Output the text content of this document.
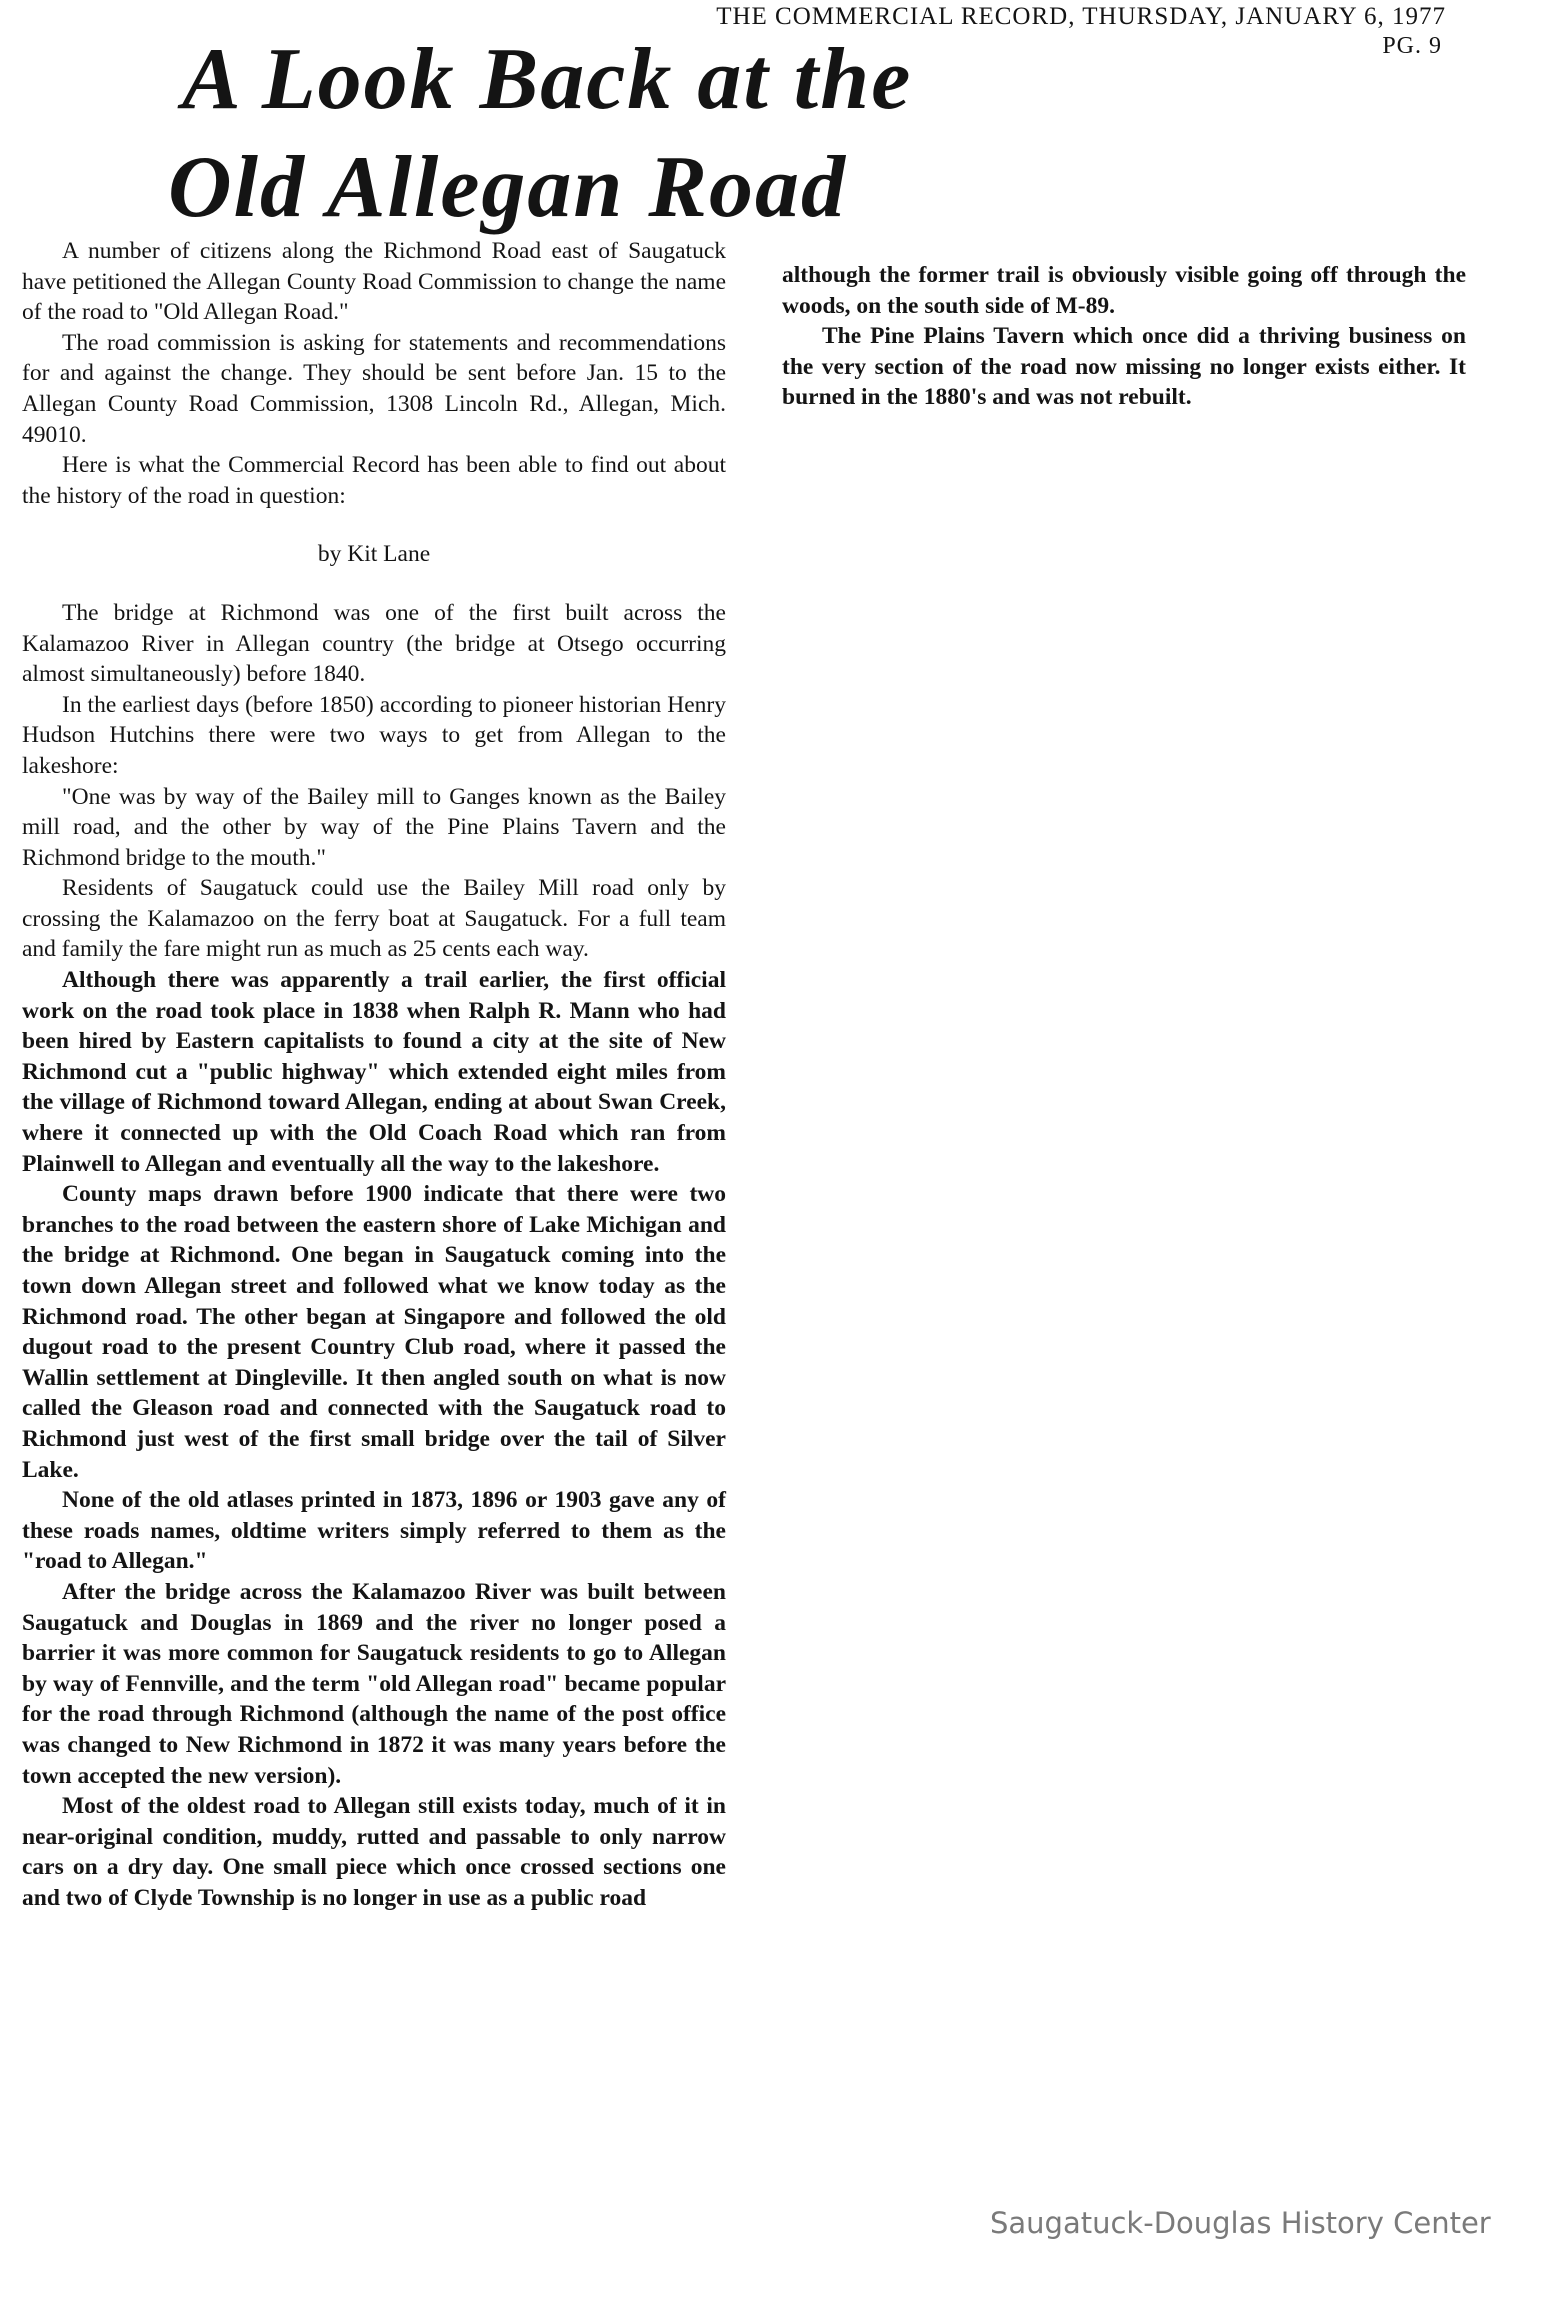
THE COMMERCIAL RECORD, THURSDAY, JANUARY 6, 1977
PG. 9
A Look Back at the
Old Allegan Road

A number of citizens along the Richmond Road east of Saugatuck have petitioned the Allegan County Road Commission to change the name of the road to "Old Allegan Road."

The road commission is asking for statements and recommendations for and against the change. They should be sent before Jan. 15 to the Allegan County Road Commission, 1308 Lincoln Rd., Allegan, Mich. 49010.

Here is what the Commercial Record has been able to find out about the history of the road in question:

by Kit Lane

The bridge at Richmond was one of the first built across the Kalamazoo River in Allegan country (the bridge at Otsego occurring almost simultaneously) before 1840.

In the earliest days (before 1850) according to pioneer historian Henry Hudson Hutchins there were two ways to get from Allegan to the lakeshore:

"One was by way of the Bailey mill to Ganges known as the Bailey mill road, and the other by way of the Pine Plains Tavern and the Richmond bridge to the mouth."

Residents of Saugatuck could use the Bailey Mill road only by crossing the Kalamazoo on the ferry boat at Saugatuck. For a full team and family the fare might run as much as 25 cents each way.

Although there was apparently a trail earlier, the first official work on the road took place in 1838 when Ralph R. Mann who had been hired by Eastern capitalists to found a city at the site of New Richmond cut a "public highway" which extended eight miles from the village of Richmond toward Allegan, ending at about Swan Creek, where it connected up with the Old Coach Road which ran from Plainwell to Allegan and eventually all the way to the lakeshore.

County maps drawn before 1900 indicate that there were two branches to the road between the eastern shore of Lake Michigan and the bridge at Richmond. One began in Saugatuck coming into the town down Allegan street and followed what we know today as the Richmond road. The other began at Singapore and followed the old dugout road to the present Country Club road, where it passed the Wallin settlement at Dingleville. It then angled south on what is now called the Gleason road and connected with the Saugatuck road to Richmond just west of the first small bridge over the tail of Silver Lake.

None of the old atlases printed in 1873, 1896 or 1903 gave any of these roads names, oldtime writers simply referred to them as the "road to Allegan."

After the bridge across the Kalamazoo River was built between Saugatuck and Douglas in 1869 and the river no longer posed a barrier it was more common for Saugatuck residents to go to Allegan by way of Fennville, and the term "old Allegan road" became popular for the road through Richmond (although the name of the post office was changed to New Richmond in 1872 it was many years before the town accepted the new version).

Most of the oldest road to Allegan still exists today, much of it in near-original condition, muddy, rutted and passable to only narrow cars on a dry day. One small piece which once crossed sections one and two of Clyde Township is no longer in use as a public road

although the former trail is obviously visible going off through the woods, on the south side of M-89.

The Pine Plains Tavern which once did a thriving business on the very section of the road now missing no longer exists either. It burned in the 1880's and was not rebuilt.

Saugatuck-Douglas History Center
